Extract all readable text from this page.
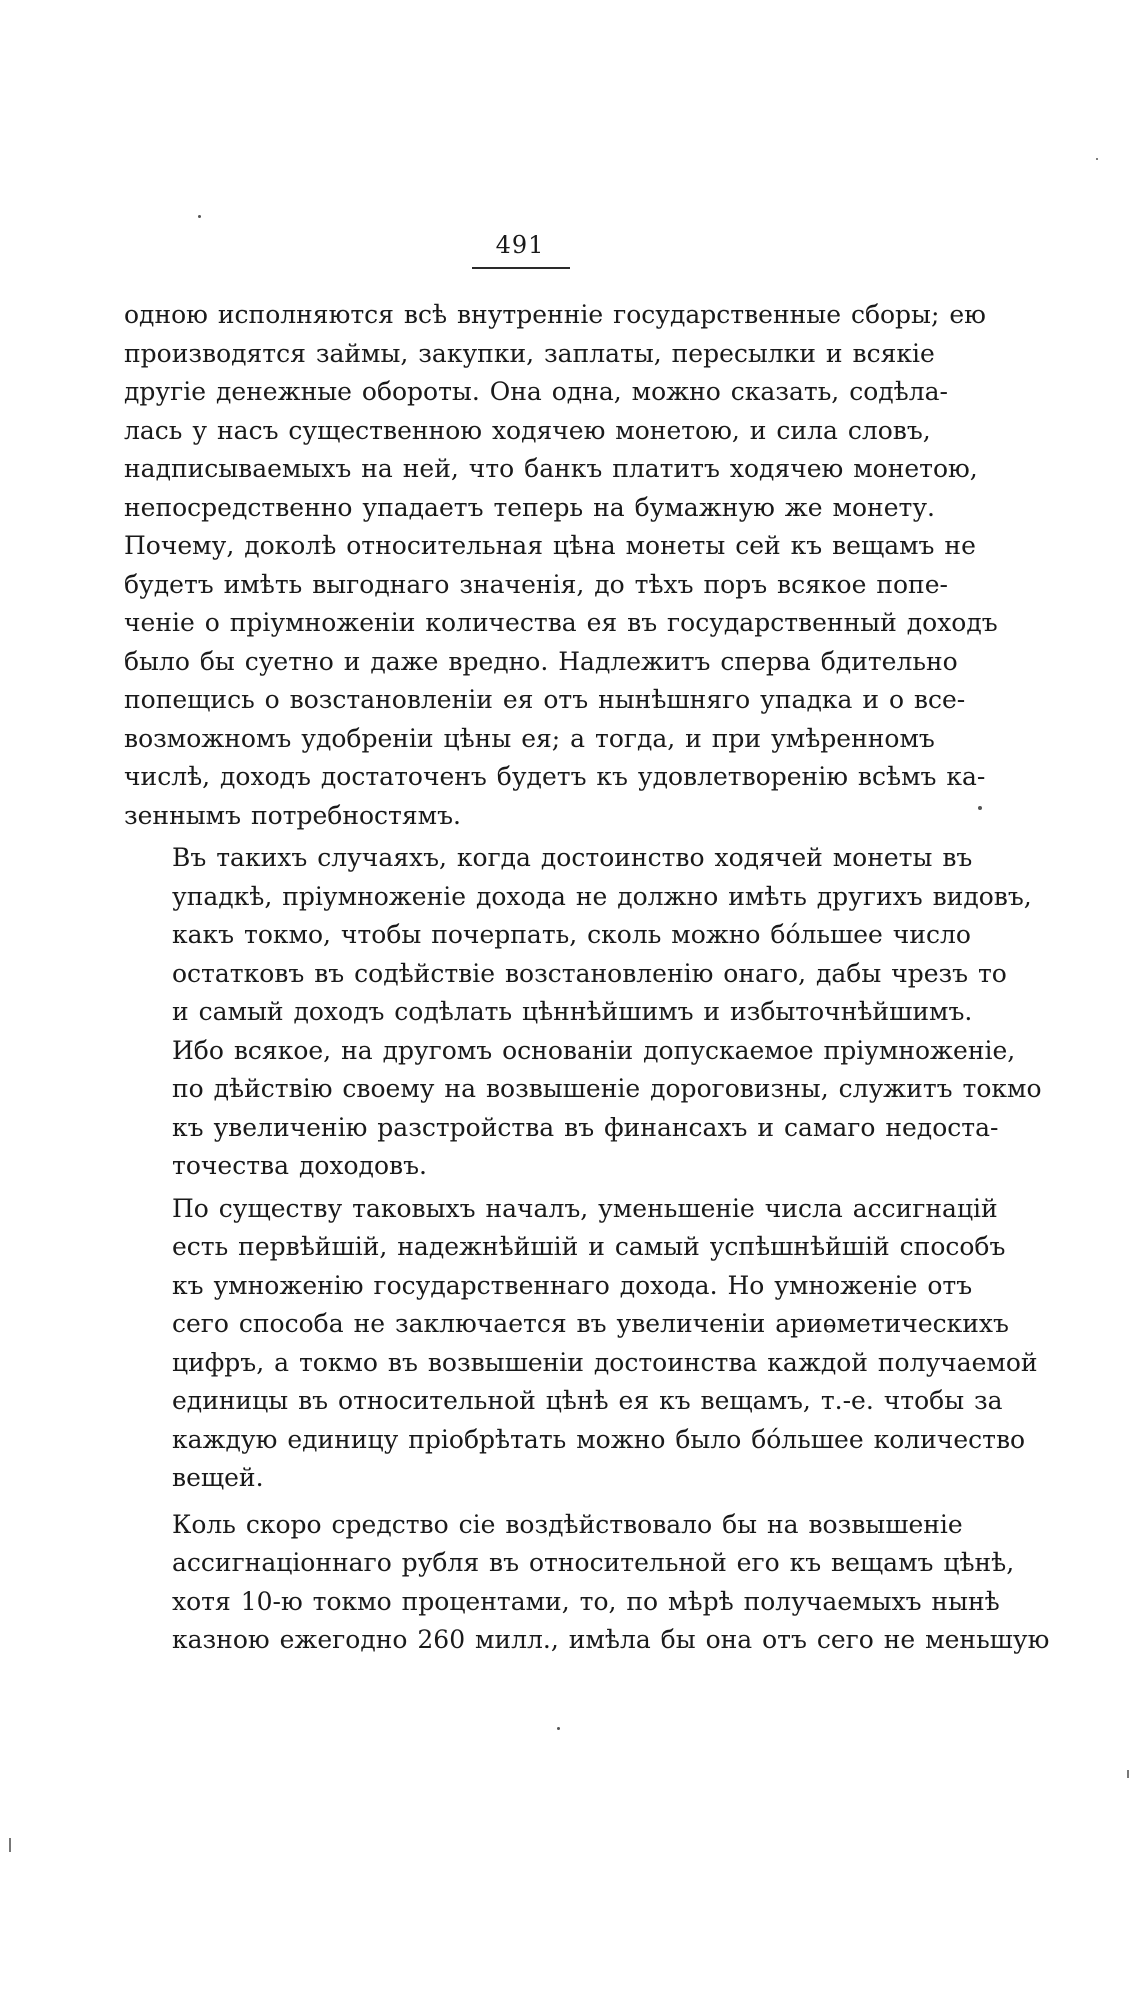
491

одною исполняются всѣ внутреннiе государственные сборы; ею
производятся займы, закупки, заплаты, пересылки и всякiе
другiе денежные обороты. Она одна, можно сказать, содѣла-
лась у насъ существенною ходячею монетою, и сила словъ,
надписываемыхъ на ней, что банкъ платитъ ходячею монетою,
непосредственно упадаетъ теперь на бумажную же монету.
Почему, доколѣ относительная цѣна монеты сей къ вещамъ не
будетъ имѣть выгоднаго значенiя, до тѣхъ поръ всякое попе-
ченiе о прiумноженiи количества ея въ государственный доходъ
было бы суетно и даже вредно. Надлежитъ сперва бдительно
попещись о возстановленiи ея отъ нынѣшняго упадка и о все-
возможномъ удобренiи цѣны ея; а тогда, и при умѣренномъ
числѣ, доходъ достаточенъ будетъ къ удовлетворенiю всѣмъ ка-
зеннымъ потребностямъ.

Въ такихъ случаяхъ, когда достоинство ходячей монеты въ
упадкѣ, прiумноженiе дохода не должно имѣть другихъ видовъ,
какъ токмо, чтобы почерпать, сколь можно бóльшее число
остатковъ въ содѣйствiе возстановленiю онаго, дабы чрезъ то
и самый доходъ содѣлать цѣннѣйшимъ и избыточнѣйшимъ.
Ибо всякое, на другомъ основанiи допускаемое прiумноженiе,
по дѣйствiю своему на возвышенiе дороговизны, служитъ токмо
къ увеличенiю разстройства въ финансахъ и самаго недоста-
точества доходовъ.

По существу таковыхъ началъ, уменьшенiе числа ассигнацiй
есть первѣйшiй, надежнѣйшiй и самый успѣшнѣйшiй способъ
къ умноженiю государственнаго дохода. Но умноженiе отъ
сего способа не заключается въ увеличенiи ариѳметическихъ
цифръ, а токмо въ возвышенiи достоинства каждой получаемой
единицы въ относительной цѣнѣ ея къ вещамъ, т.-е. чтобы за
каждую единицу прiобрѣтать можно было бóльшее количество
вещей.

Коль скоро средство сiе воздѣйствовало бы на возвышенiе
ассигнацiоннаго рубля въ относительной его къ вещамъ цѣнѣ,
хотя 10-ю токмо процентами, то, по мѣрѣ получаемыхъ нынѣ
казною ежегодно 260 милл., имѣла бы она отъ сего не меньшую
